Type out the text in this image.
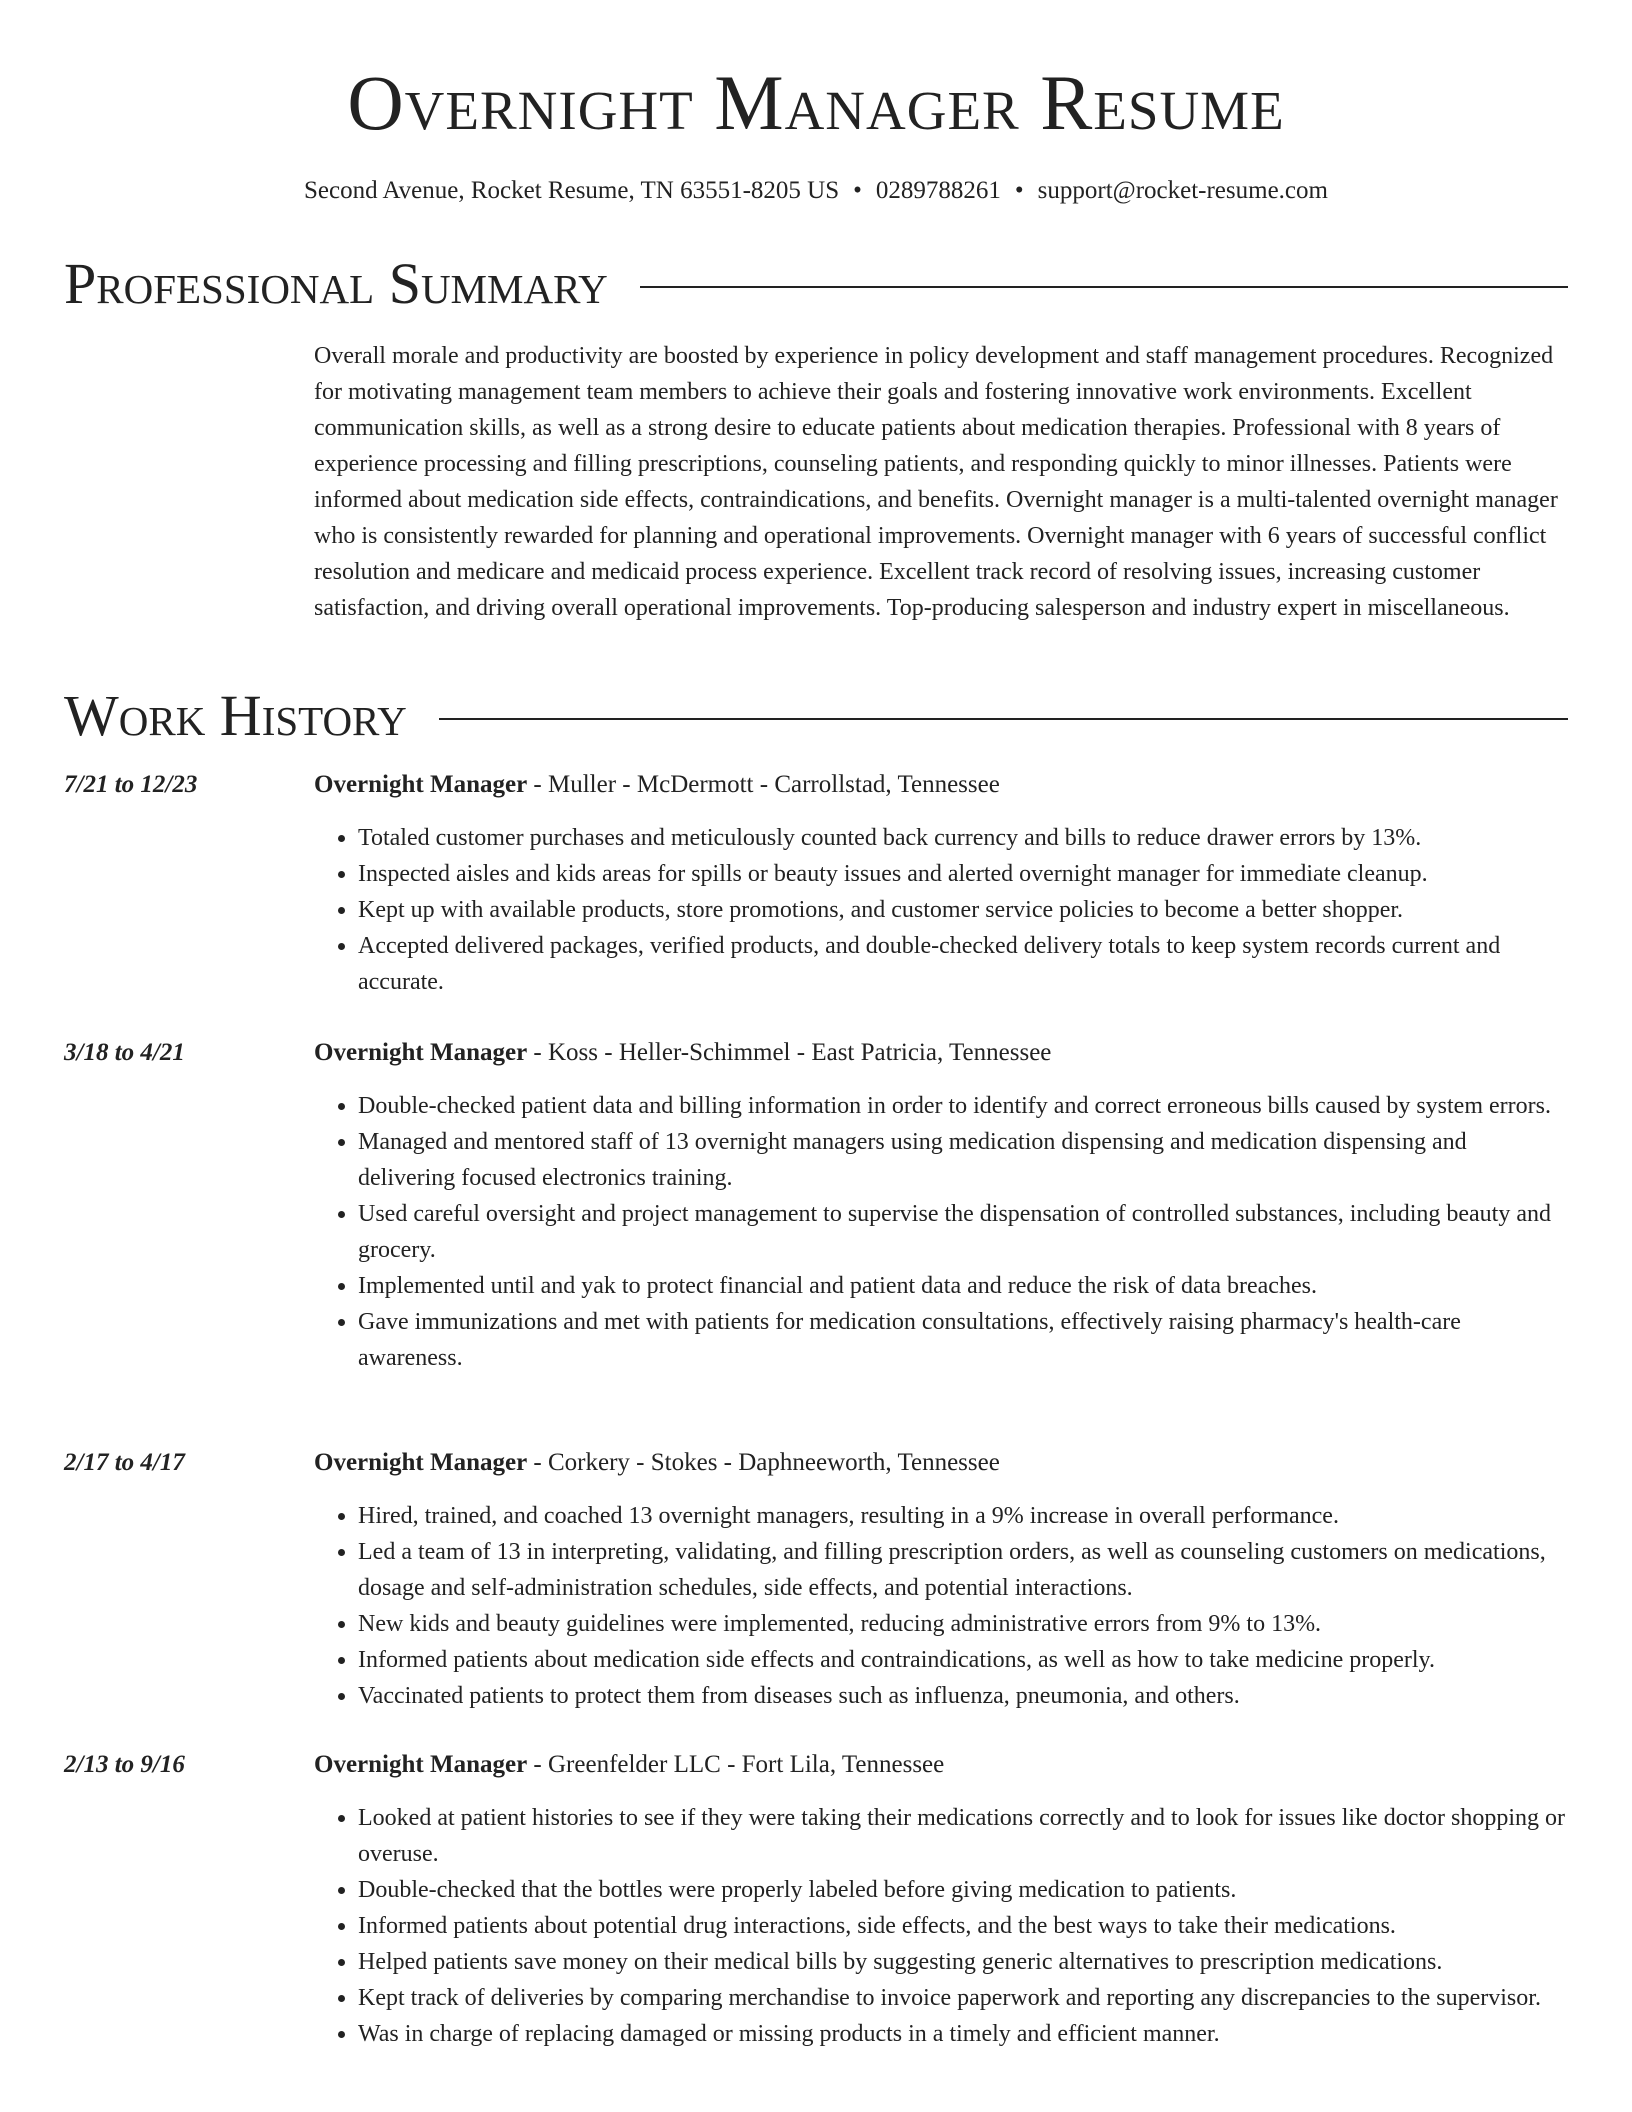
Overnight Manager Resume
Second Avenue, Rocket Resume, TN 63551-8205 US • 0289788261 • support@rocket-resume.com
Professional Summary
Overall morale and productivity are boosted by experience in policy development and staff management procedures. Recognized for motivating management team members to achieve their goals and fostering innovative work environments. Excellent communication skills, as well as a strong desire to educate patients about medication therapies. Professional with 8 years of experience processing and filling prescriptions, counseling patients, and responding quickly to minor illnesses. Patients were informed about medication side effects, contraindications, and benefits. Overnight manager is a multi-talented overnight manager who is consistently rewarded for planning and operational improvements. Overnight manager with 6 years of successful conflict resolution and medicare and medicaid process experience. Excellent track record of resolving issues, increasing customer satisfaction, and driving overall operational improvements. Top-producing salesperson and industry expert in miscellaneous.
Work History
7/21 to 12/23	Overnight Manager - Muller - McDermott - Carrollstad, Tennessee
• Totaled customer purchases and meticulously counted back currency and bills to reduce drawer errors by 13%.
• Inspected aisles and kids areas for spills or beauty issues and alerted overnight manager for immediate cleanup.
• Kept up with available products, store promotions, and customer service policies to become a better shopper.
• Accepted delivered packages, verified products, and double-checked delivery totals to keep system records current and accurate.
3/18 to 4/21	Overnight Manager - Koss - Heller-Schimmel - East Patricia, Tennessee
• Double-checked patient data and billing information in order to identify and correct erroneous bills caused by system errors.
• Managed and mentored staff of 13 overnight managers using medication dispensing and medication dispensing and delivering focused electronics training.
• Used careful oversight and project management to supervise the dispensation of controlled substances, including beauty and grocery.
• Implemented until and yak to protect financial and patient data and reduce the risk of data breaches.
• Gave immunizations and met with patients for medication consultations, effectively raising pharmacy's health-care awareness.
2/17 to 4/17	Overnight Manager - Corkery - Stokes - Daphneeworth, Tennessee
• Hired, trained, and coached 13 overnight managers, resulting in a 9% increase in overall performance.
• Led a team of 13 in interpreting, validating, and filling prescription orders, as well as counseling customers on medications, dosage and self-administration schedules, side effects, and potential interactions.
• New kids and beauty guidelines were implemented, reducing administrative errors from 9% to 13%.
• Informed patients about medication side effects and contraindications, as well as how to take medicine properly.
• Vaccinated patients to protect them from diseases such as influenza, pneumonia, and others.
2/13 to 9/16	Overnight Manager - Greenfelder LLC - Fort Lila, Tennessee
• Looked at patient histories to see if they were taking their medications correctly and to look for issues like doctor shopping or overuse.
• Double-checked that the bottles were properly labeled before giving medication to patients.
• Informed patients about potential drug interactions, side effects, and the best ways to take their medications.
• Helped patients save money on their medical bills by suggesting generic alternatives to prescription medications.
• Kept track of deliveries by comparing merchandise to invoice paperwork and reporting any discrepancies to the supervisor.
• Was in charge of replacing damaged or missing products in a timely and efficient manner.
